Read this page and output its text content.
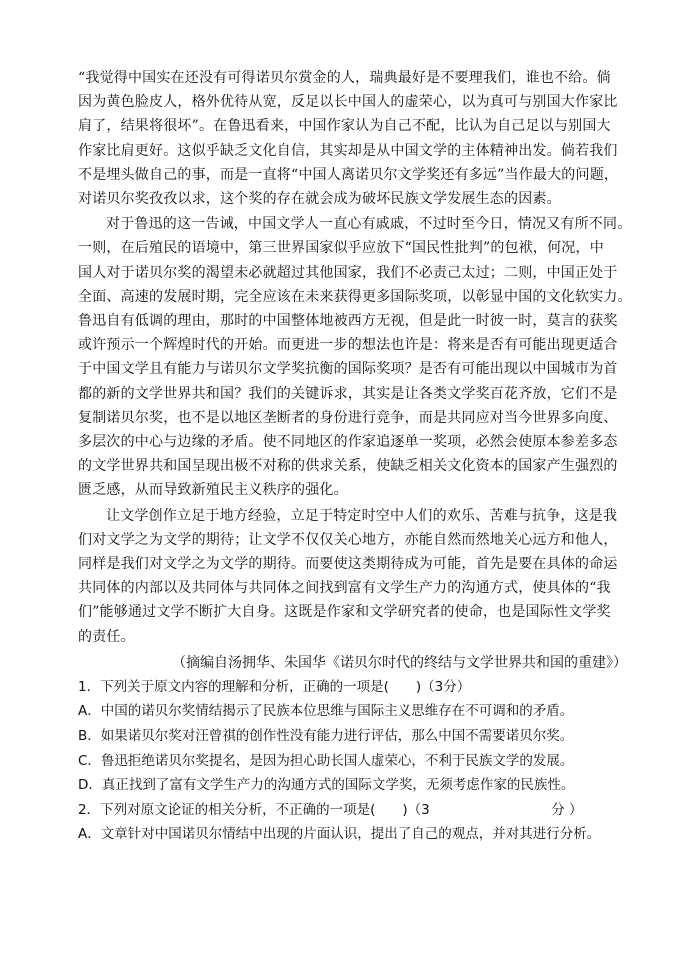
“我觉得中国实在还没有可得诺贝尔赏金的人，瑞典最好是不要理我们，谁也不给。倘
因为黄色脸皮人，格外优待从宽，反足以长中国人的虚荣心，以为真可与别国大作家比
肩了，结果将很坏”。在鲁迅看来，中国作家认为自己不配，比认为自己足以与别国大
作家比肩更好。这似乎缺乏文化自信，其实却是从中国文学的主体精神出发。倘若我们
不是埋头做自己的事，而是一直将“中国人离诺贝尔文学奖还有多远”当作最大的问题，
对诺贝尔奖孜孜以求，这个奖的存在就会成为破坏民族文学发展生态的因素。

对于鲁迅的这一告诫，中国文学人一直心有戚戚，不过时至今日，情况又有所不同。
一则，在后殖民的语境中，第三世界国家似乎应放下“国民性批判”的包袱，何况，中
国人对于诺贝尔奖的渴望未必就超过其他国家，我们不必责己太过；二则，中国正处于
全面、高速的发展时期，完全应该在未来获得更多国际奖项，以彰显中国的文化软实力。
鲁迅自有低调的理由，那时的中国整体地被西方无视，但是此一时彼一时，莫言的获奖
或许预示一个辉煌时代的开始。而更进一步的想法也许是：将来是否有可能出现更适合
于中国文学且有能力与诺贝尔文学奖抗衡的国际奖项？是否有可能出现以中国城市为首
都的新的文学世界共和国？我们的关键诉求，其实是让各类文学奖百花齐放，它们不是
复制诺贝尔奖，也不是以地区垄断者的身份进行竞争，而是共同应对当今世界多向度、
多层次的中心与边缘的矛盾。使不同地区的作家追逐单一奖项，必然会使原本参差多态
的文学世界共和国呈现出极不对称的供求关系，使缺乏相关文化资本的国家产生强烈的
匮乏感，从而导致新殖民主义秩序的强化。

让文学创作立足于地方经验，立足于特定时空中人们的欢乐、苦难与抗争，这是我
们对文学之为文学的期待；让文学不仅仅关心地方，亦能自然而然地关心远方和他人，
同样是我们对文学之为文学的期待。而要使这类期待成为可能，首先是要在具体的命运
共同体的内部以及共同体与共同体之间找到富有文学生产力的沟通方式，使具体的“我
们”能够通过文学不断扩大自身。这既是作家和文学研究者的使命，也是国际性文学奖
的责任。

（摘编自汤拥华、朱国华《诺贝尔时代的终结与文学世界共和国的重建》）

1．下列关于原文内容的理解和分析，正确的一项是(　　)（3分）

A．中国的诺贝尔奖情结揭示了民族本位思维与国际主义思维存在不可调和的矛盾。

B．如果诺贝尔奖对汪曾祺的创作性没有能力进行评估，那么中国不需要诺贝尔奖。

C．鲁迅拒绝诺贝尔奖提名，是因为担心助长国人虚荣心，不利于民族文学的发展。

D．真正找到了富有文学生产力的沟通方式的国际文学奖，无须考虑作家的民族性。

2．下列对原文论证的相关分析，不正确的一项是(　　)（3　　　　　　　　　分 ）

A．文章针对中国诺贝尔情结中出现的片面认识，提出了自己的观点，并对其进行分析。
